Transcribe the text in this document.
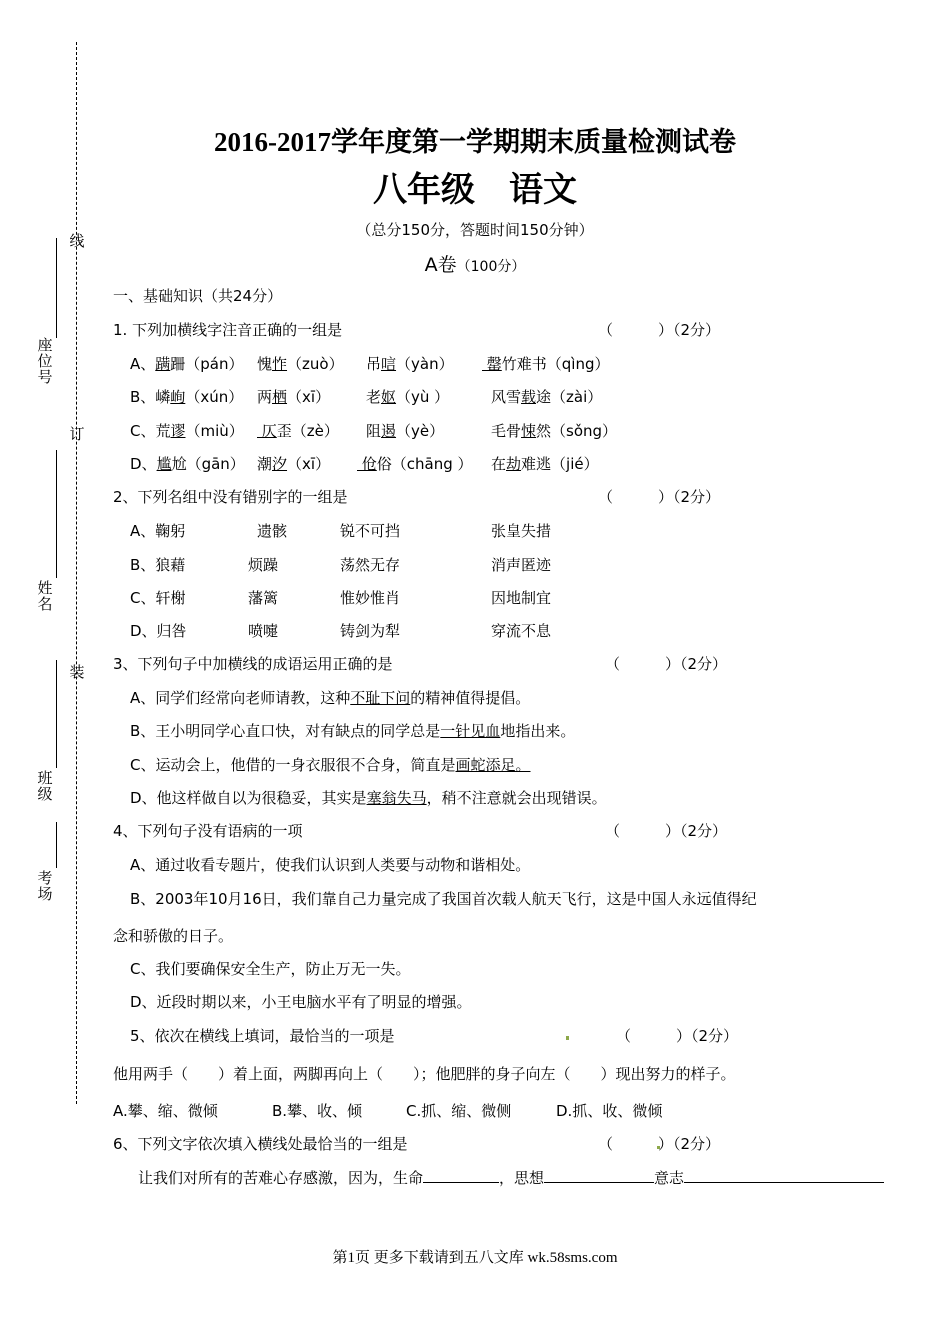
线
座位号
订
姓名
装
班级
考场
2016-2017学年度第一学期期末质量检测试卷
八年级　语文
（总分150分，答题时间150分钟）
A卷（100分）
一、基础知识（共24分）
1. 下列加横线字注音正确的一组是	（　　　）（2分）
A、蹒跚（pán） 愧怍（zuò） 吊唁（yàn） 罄竹难书（qìng）
B、嶙峋（xún） 两栖（xī） 老妪（yù ）	风雪载途（zài）
C、荒谬（miù） 仄歪（zè） 阻遏（yè）	毛骨悚然（sǒng）
D、尴尬（gān） 潮汐（xī） 伧俗（chāng ） 在劫难逃（jié）
2、下列名组中没有错别字的一组是	（　　　）（2分）
A、鞠躬	遗骸	锐不可挡	张皇失措
B、狼藉	烦躁	荡然无存	消声匿迹
C、轩榭	藩篱	惟妙惟肖	因地制宜
D、归咎	喷嚏	铸剑为犁	穿流不息
3、下列句子中加横线的成语运用正确的是	（　　　）（2分）
A、同学们经常向老师请教，这种不耻下问的精神值得提倡。
B、王小明同学心直口快，对有缺点的同学总是一针见血地指出来。
C、运动会上，他借的一身衣服很不合身，简直是画蛇添足。
D、他这样做自以为很稳妥，其实是塞翁失马，稍不注意就会出现错误。
4、下列句子没有语病的一项	（　　　）（2分）
A、通过收看专题片，使我们认识到人类要与动物和谐相处。
B、2003年10月16日，我们靠自己力量完成了我国首次载人航天飞行，这是中国人永远值得纪
念和骄傲的日子。
C、我们要确保安全生产，防止万无一失。
D、近段时期以来，小王电脑水平有了明显的增强。
5、依次在横线上填词，最恰当的一项是	（　　　）（2分）
他用两手（　　）着上面，两脚再向上（　　）；他肥胖的身子向左（　　）现出努力的样子。
A.攀、缩、微倾	B.攀、收、倾	C.抓、缩、微侧	D.抓、收、微倾
6、下列文字依次填入横线处最恰当的一组是	（　　　）（2分）
让我们对所有的苦难心存感激，因为，生命	，思想	意志
第1页 更多下载请到五八文库 wk.58sms.com
